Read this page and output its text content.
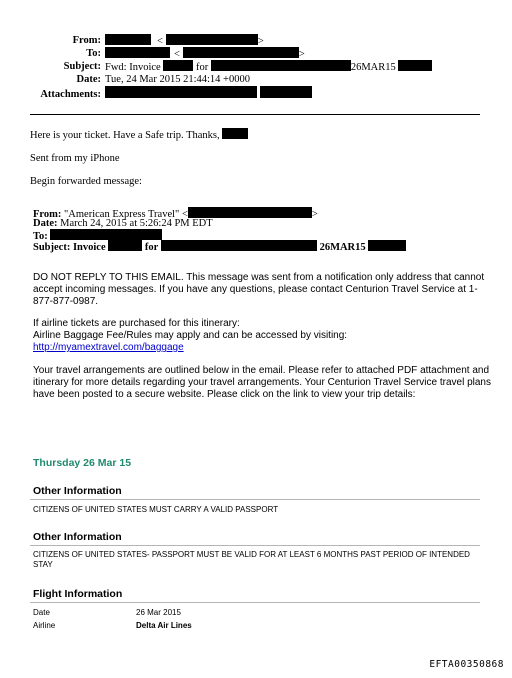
From:	<	>
To:	<	>
Subject: Fwd: Invoice	for	26MAR15
Date: Tue, 24 Mar 2015 21:44:14 +0000
Attachments:

Here is your ticket. Have a Safe trip. Thanks,
Sent from my iPhone
Begin forwarded message:
From: "American Express Travel" <	>
Date: March 24, 2015 at 5:26:24 PM EDT
To:
Subject: Invoice	for	26MAR15
DO NOT REPLY TO THIS EMAIL. This message was sent from a notification only address that cannot accept incoming messages. If you have any questions, please contact Centurion Travel Service at 1-877-877-0987.
If airline tickets are purchased for this itinerary:
Airline Baggage Fee/Rules may apply and can be accessed by visiting:
http://myamextravel.com/baggage
Your travel arrangements are outlined below in the email. Please refer to attached PDF attachment and itinerary for more details regarding your travel arrangements. Your Centurion Travel Service travel plans have been posted to a secure website. Please click on the link to view your trip details:
Thursday 26 Mar 15
Other Information
CITIZENS OF UNITED STATES MUST CARRY A VALID PASSPORT
Other Information
CITIZENS OF UNITED STATES- PASSPORT MUST BE VALID FOR AT LEAST 6 MONTHS PAST PERIOD OF INTENDED STAY
Flight Information
Date	26 Mar 2015
Airline	Delta Air Lines
EFTA00350868
